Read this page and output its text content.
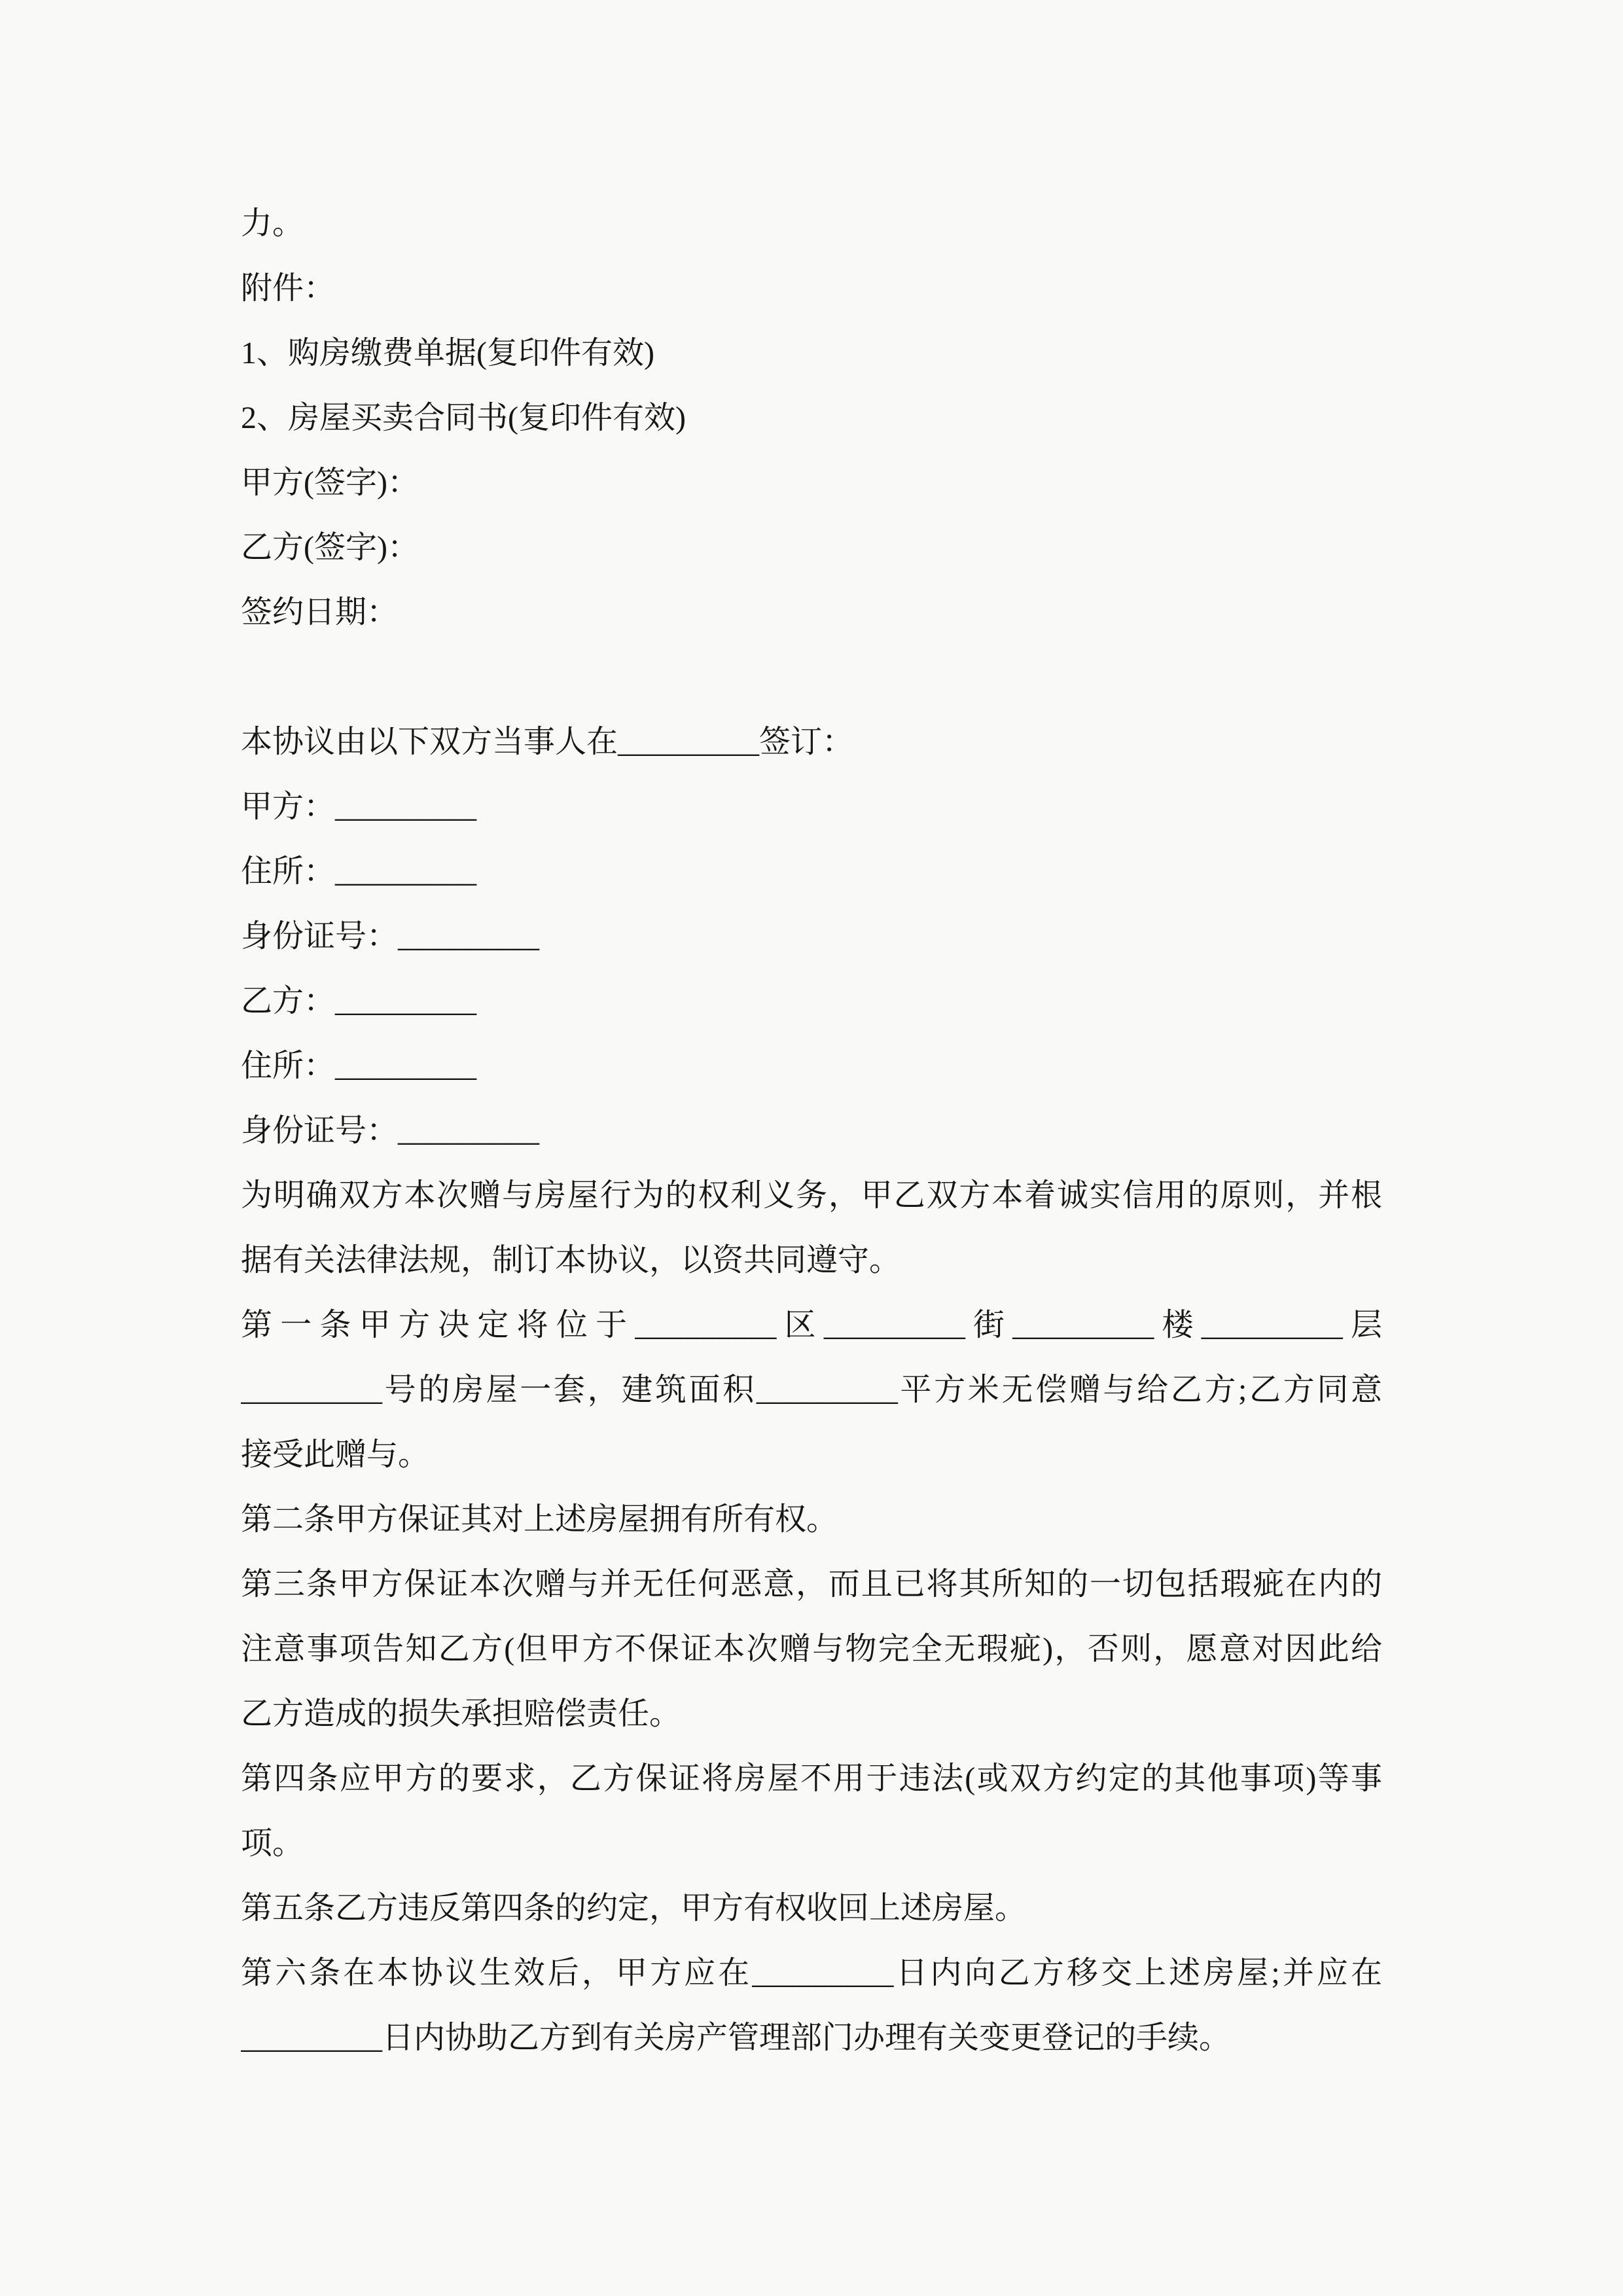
力。
附件：
1、购房缴费单据(复印件有效)
2、房屋买卖合同书(复印件有效)
甲方(签字)：
乙方(签字)：
签约日期：
本协议由以下双方当事人在_________签订：
甲方：_________
住所：_________
身份证号：_________
乙方：_________
住所：_________
身份证号：_________
为明确双方本次赠与房屋行为的权利义务，甲乙双方本着诚实信用的原则，并根
据有关法律法规，制订本协议，以资共同遵守。
第一条甲方决定将位于_________区_________街_________楼_________层
_________号的房屋一套，建筑面积_________平方米无偿赠与给乙方;乙方同意
接受此赠与。
第二条甲方保证其对上述房屋拥有所有权。
第三条甲方保证本次赠与并无任何恶意，而且已将其所知的一切包括瑕疵在内的
注意事项告知乙方(但甲方不保证本次赠与物完全无瑕疵)，否则，愿意对因此给
乙方造成的损失承担赔偿责任。
第四条应甲方的要求，乙方保证将房屋不用于违法(或双方约定的其他事项)等事
项。
第五条乙方违反第四条的约定，甲方有权收回上述房屋。
第六条在本协议生效后，甲方应在_________日内向乙方移交上述房屋;并应在
_________日内协助乙方到有关房产管理部门办理有关变更登记的手续。
